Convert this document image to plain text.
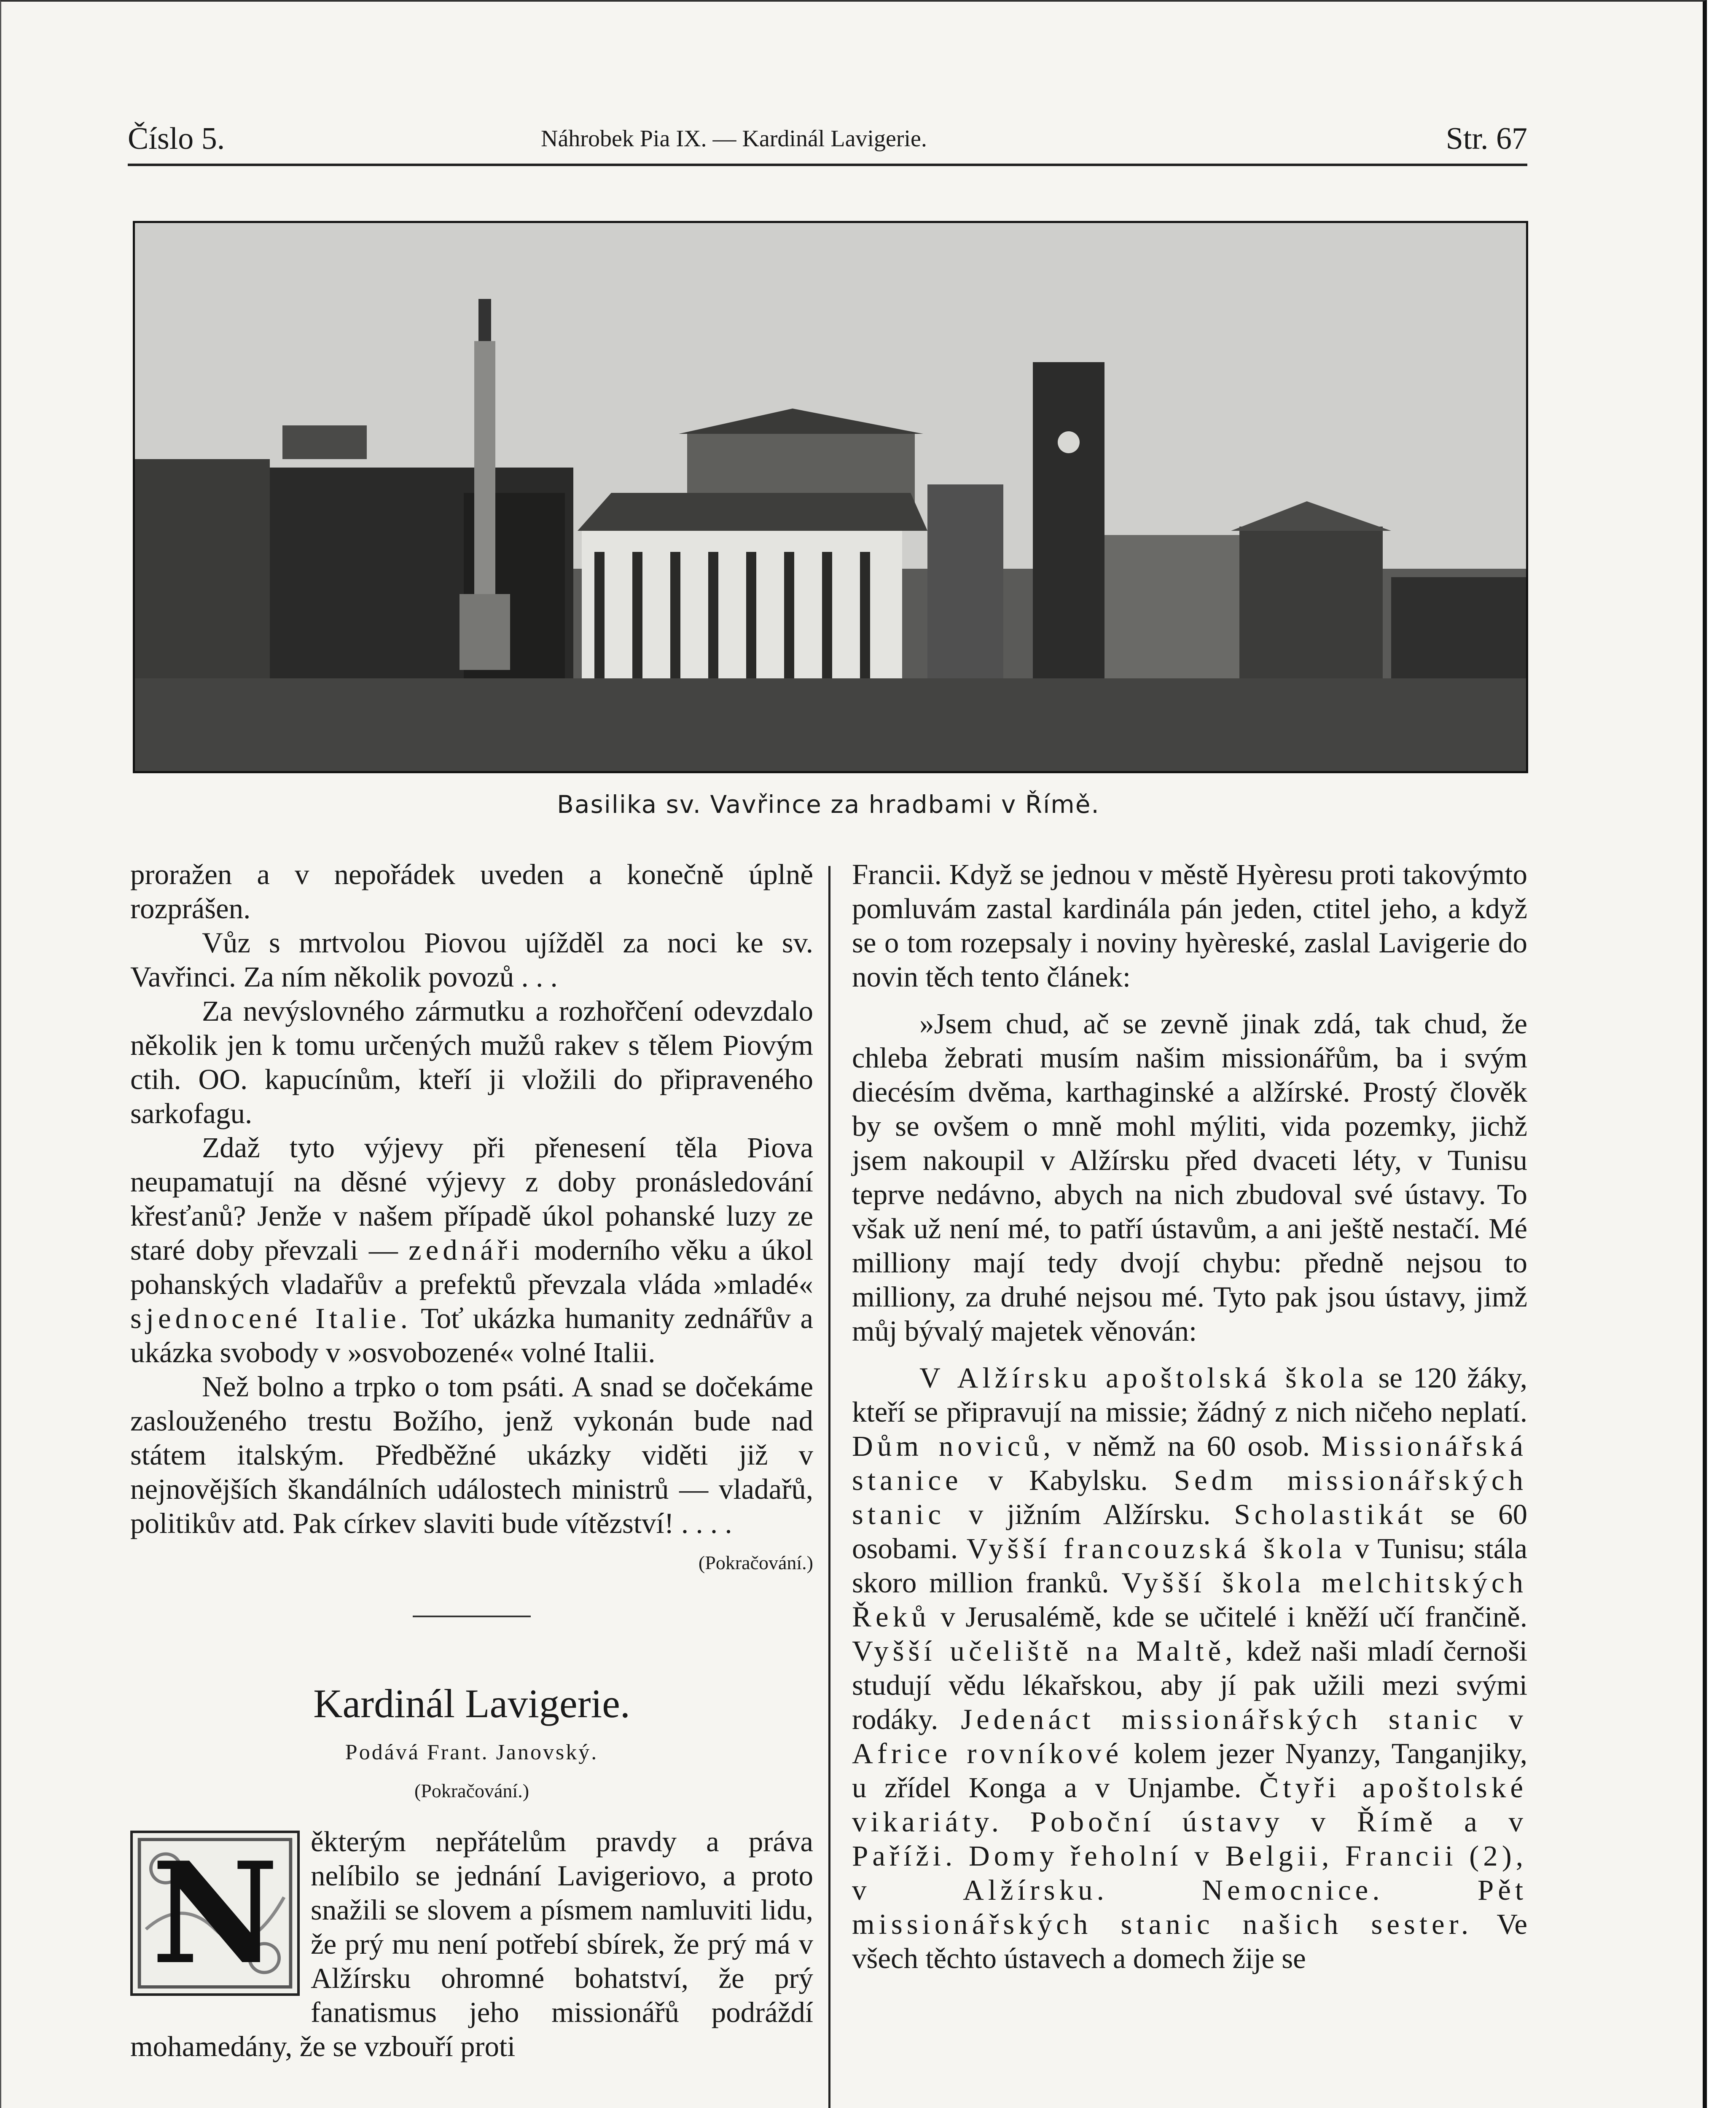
Číslo 5.	Náhrobek Pia IX. — Kardinál Lavigerie.	Str. 67
Basilika sv. Vavřince za hradbami v Římě.

proražen a v nepořádek uveden a konečně úplně rozprášen.

Vůz s mrtvolou Piovou ujížděl za noci ke sv. Vavřinci. Za ním několik povozů . . .

Za nevýslovného zármutku a rozhořčení odevzdalo několik jen k tomu určených mužů rakev s tělem Piovým ctih. OO. kapucínům, kteří ji vložili do připraveného sarkofagu.

Zdaž tyto výjevy při přenesení těla Piova neupamatují na děsné výjevy z doby pronásledování křesťanů? Jenže v našem případě úkol pohanské luzy ze staré doby převzali — zednáři moderního věku a úkol pohanských vladařův a prefektů převzala vláda »mladé« sjednocené Italie. Toť ukázka humanity zednářův a ukázka svobody v »osvobozené« volné Italii.

Než bolno a trpko o tom psáti. A snad se dočekáme zaslouženého trestu Božího, jenž vykonán bude nad státem italským. Předběžné ukázky viděti již v nejnovějších škandálních událostech ministrů — vladařů, politikův atd. Pak církev slaviti bude vítězství! . . . .

(Pokračování.)
Kardinál Lavigerie.
Podává Frant. Janovský.
(Pokračování.)

N	ěkterým nepřátelům pravdy a práva nelíbilo se jednání Lavigeriovo, a proto snažili se slovem a písmem namluviti lidu, že prý mu není potřebí sbírek, že prý má v Alžírsku ohromné bohatství, že prý fanatismus jeho missionářů podráždí mohamedány, že se vzbouří proti

Francii. Když se jednou v městě Hyèresu proti takovýmto pomluvám zastal kardinála pán jeden, ctitel jeho, a když se o tom rozepsaly i noviny hyèreské, zaslal Lavigerie do novin těch tento článek:

»Jsem chud, ač se zevně jinak zdá, tak chud, že chleba žebrati musím našim missionářům, ba i svým diecésím dvěma, karthaginské a alžírské. Prostý člověk by se ovšem o mně mohl mýliti, vida pozemky, jichž jsem nakoupil v Alžírsku před dvaceti léty, v Tunisu teprve nedávno, abych na nich zbudoval své ústavy. To však už není mé, to patří ústavům, a ani ještě nestačí. Mé milliony mají tedy dvojí chybu: předně nejsou to milliony, za druhé nejsou mé. Tyto pak jsou ústavy, jimž můj bývalý majetek věnován:

V Alžírsku apoštolská škola se 120 žáky, kteří se připravují na missie; žádný z nich ničeho neplatí. Dům noviců, v němž na 60 osob. Missionářská stanice v Kabylsku. Sedm missionářských stanic v jižním Alžírsku. Scholastikát se 60 osobami. Vyšší francouzská škola v Tunisu; stála skoro million franků. Vyšší škola melchitských Řeků v Jerusalémě, kde se učitelé i kněží učí frančině. Vyšší učeliště na Maltě, kdež naši mladí černoši studují vědu lékařskou, aby jí pak užili mezi svými rodáky. Jedenáct missionářských stanic v Africe rovníkové kolem jezer Nyanzy, Tanganjiky, u zřídel Konga a v Unjambe. Čtyři apoštolské vikariáty. Poboční ústavy v Římě a v Paříži. Domy řeholní v Belgii, Francii (2), v Alžírsku. Nemocnice. Pět missionářských stanic našich sester. Ve všech těchto ústavech a domech žije se
